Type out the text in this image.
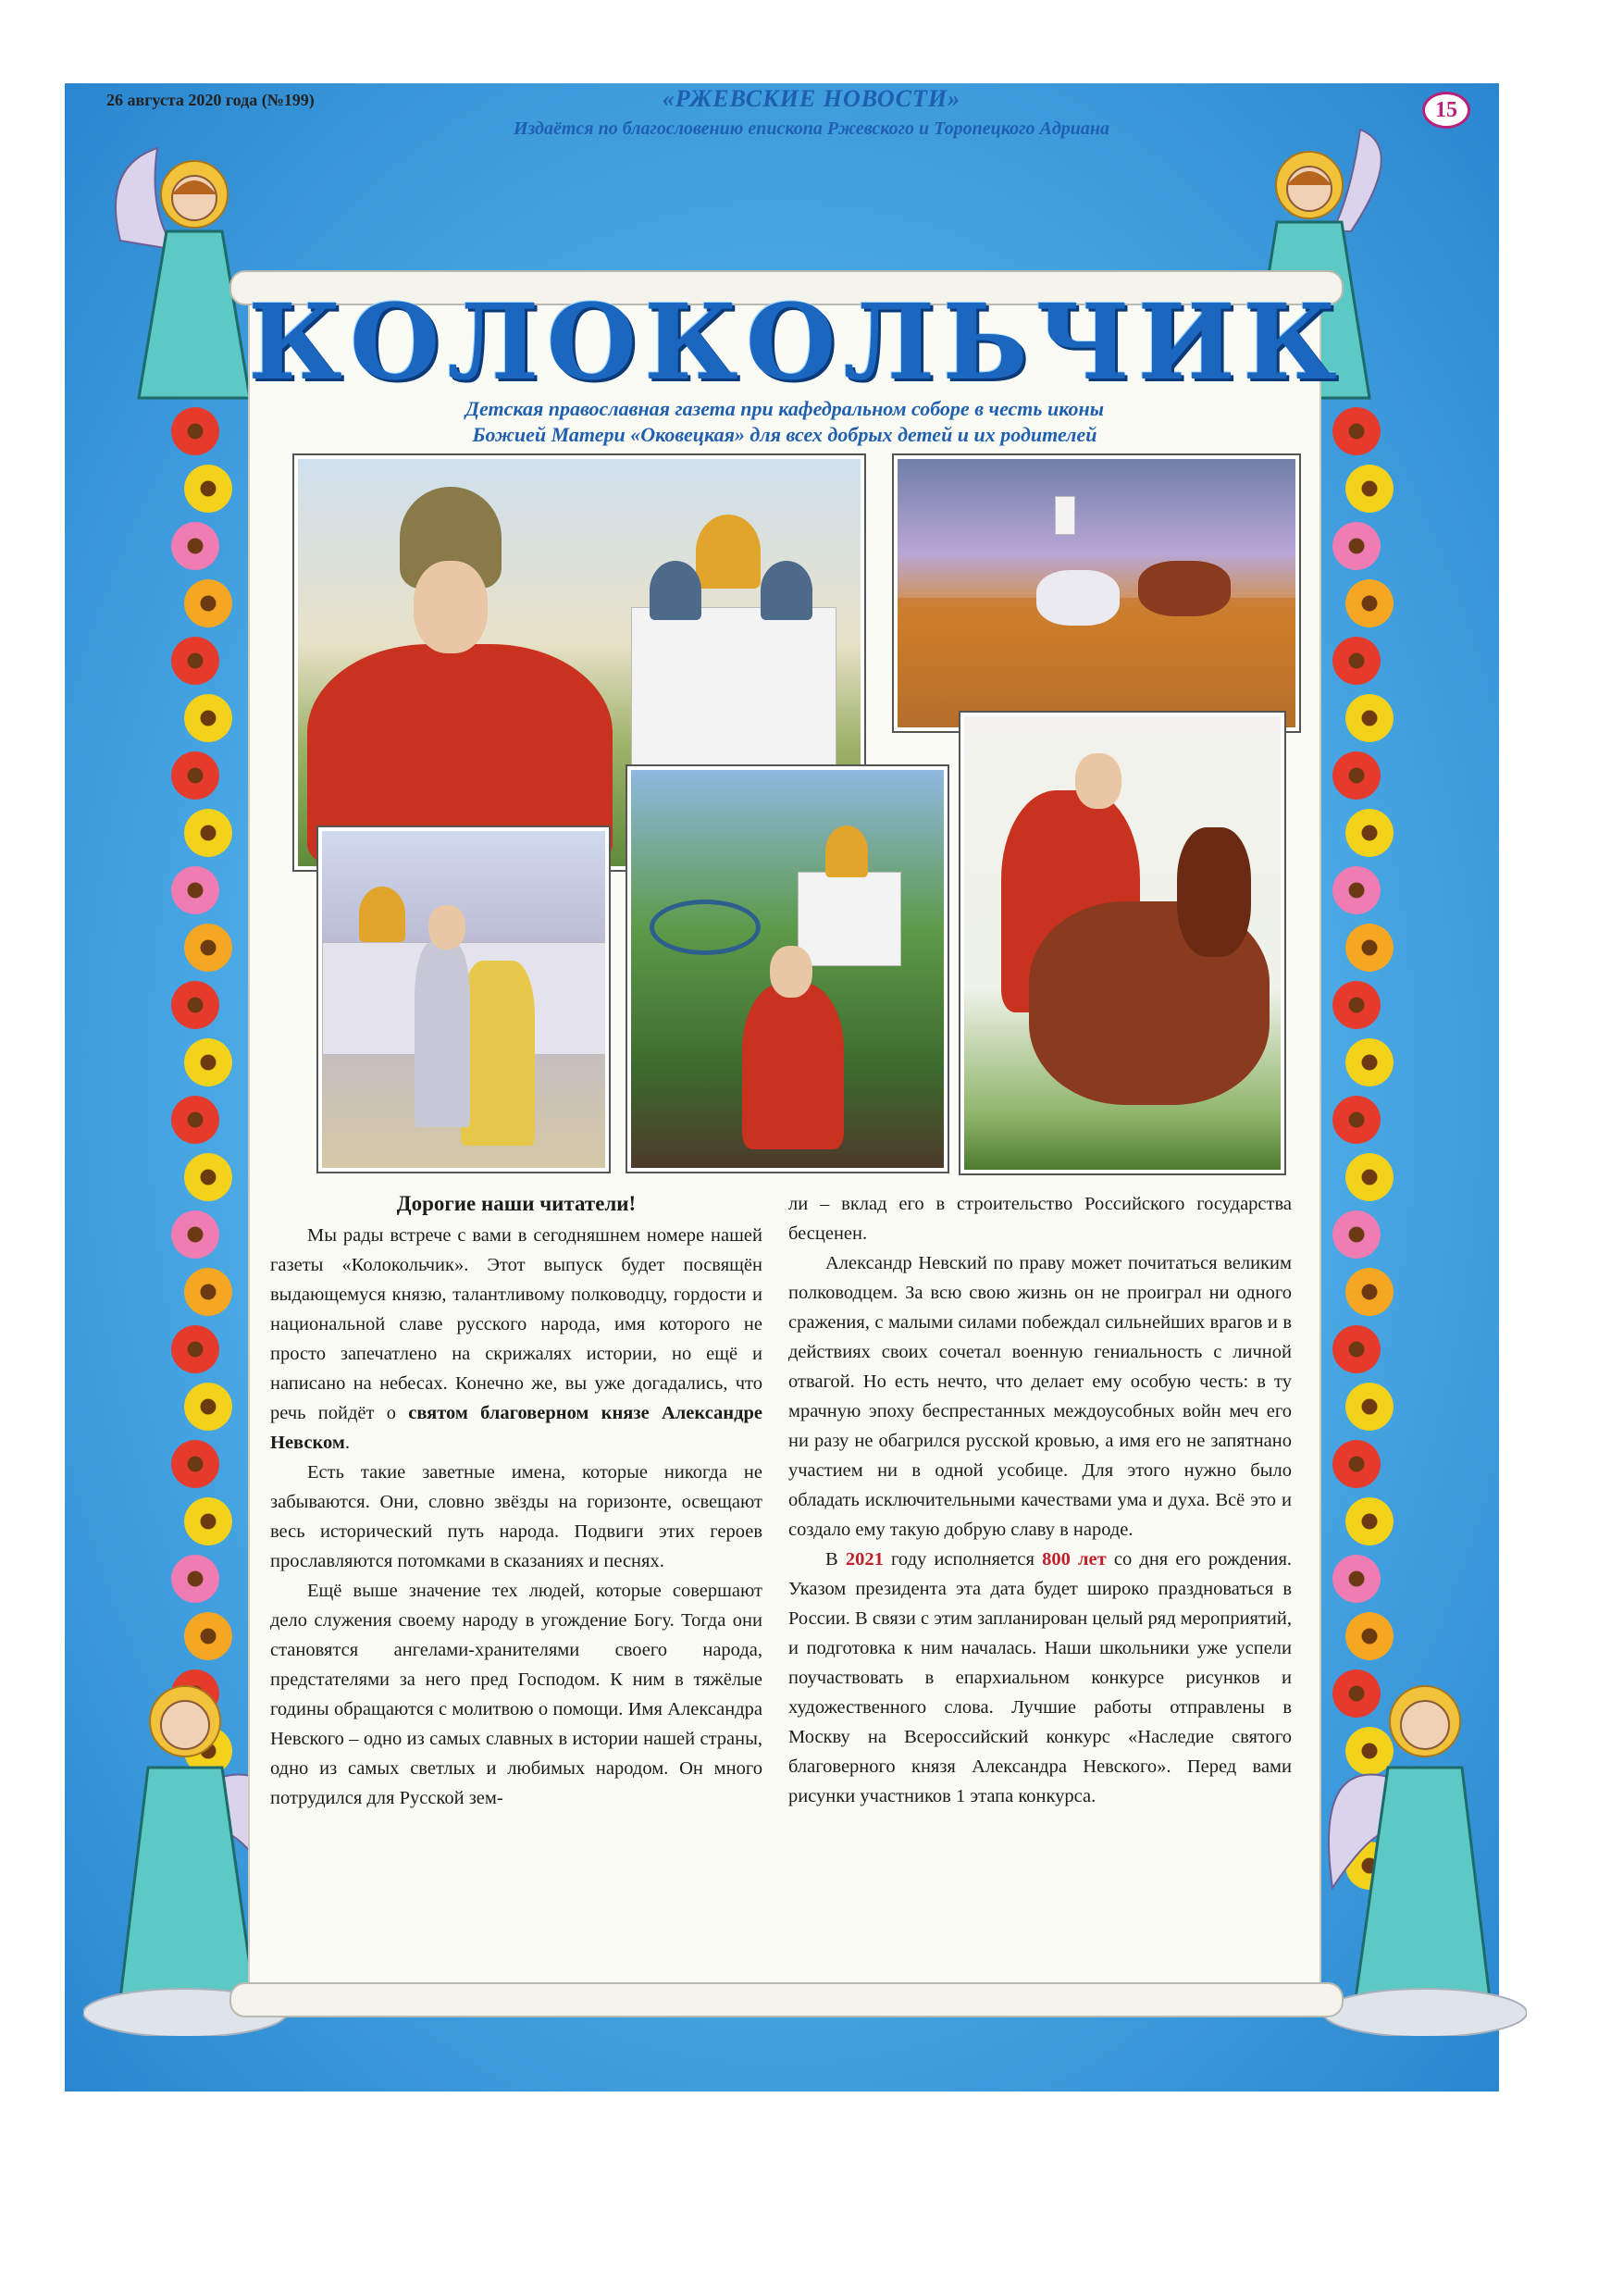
26 августа 2020 года (№199)	«РЖЕВСКИЕ НОВОСТИ»
Издаётся по благословению епископа Ржевского и Торопецкого Адриана
15
КОЛОКОЛЬЧИК
Детская православная газета при кафедральном соборе в честь иконы
Божией Матери «Оковецкая» для всех добрых детей и их родителей

Дорогие наши читатели!

Мы рады встрече с вами в сегодняшнем номере нашей газеты «Колокольчик». Этот выпуск будет посвящён выдающемуся князю, талантливому полководцу, гордости и национальной славе русского народа, имя которого не просто запечатлено на скрижалях истории, но ещё и написано на небесах. Конечно же, вы уже догадались, что речь пойдёт о святом благоверном князе Александре Невском.

Есть такие заветные имена, которые никогда не забываются. Они, словно звёзды на горизонте, освещают весь исторический путь народа. Подвиги этих героев прославляются потомками в сказаниях и песнях.

Ещё выше значение тех людей, которые совершают дело служения своему народу в угождение Богу. Тогда они становятся ангелами-хранителями своего народа, предстателями за него пред Господом. К ним в тяжёлые годины обращаются с молитвою о помощи. Имя Александра Невского – одно из самых славных в истории нашей страны, одно из самых светлых и любимых народом. Он много потрудился для Русской зем-

ли – вклад его в строительство Российского государства бесценен.

Александр Невский по праву может почитаться великим полководцем. За всю свою жизнь он не проиграл ни одного сражения, с малыми силами побеждал сильнейших врагов и в действиях своих сочетал военную гениальность с личной отвагой. Но есть нечто, что делает ему особую честь: в ту мрачную эпоху беспрестанных междоусобных войн меч его ни разу не обагрился русской кровью, а имя его не запятнано участием ни в одной усобице. Для этого нужно было обладать исключительными качествами ума и духа. Всё это и создало ему такую добрую славу в народе.

В 2021 году исполняется 800 лет со дня его рождения. Указом президента эта дата будет широко праздноваться в России. В связи с этим запланирован целый ряд мероприятий, и подготовка к ним началась. Наши школьники уже успели поучаствовать в епархиальном конкурсе рисунков и художественного слова. Лучшие работы отправлены в Москву на Всероссийский конкурс «Наследие святого благоверного князя Александра Невского». Перед вами рисунки участников 1 этапа конкурса.
